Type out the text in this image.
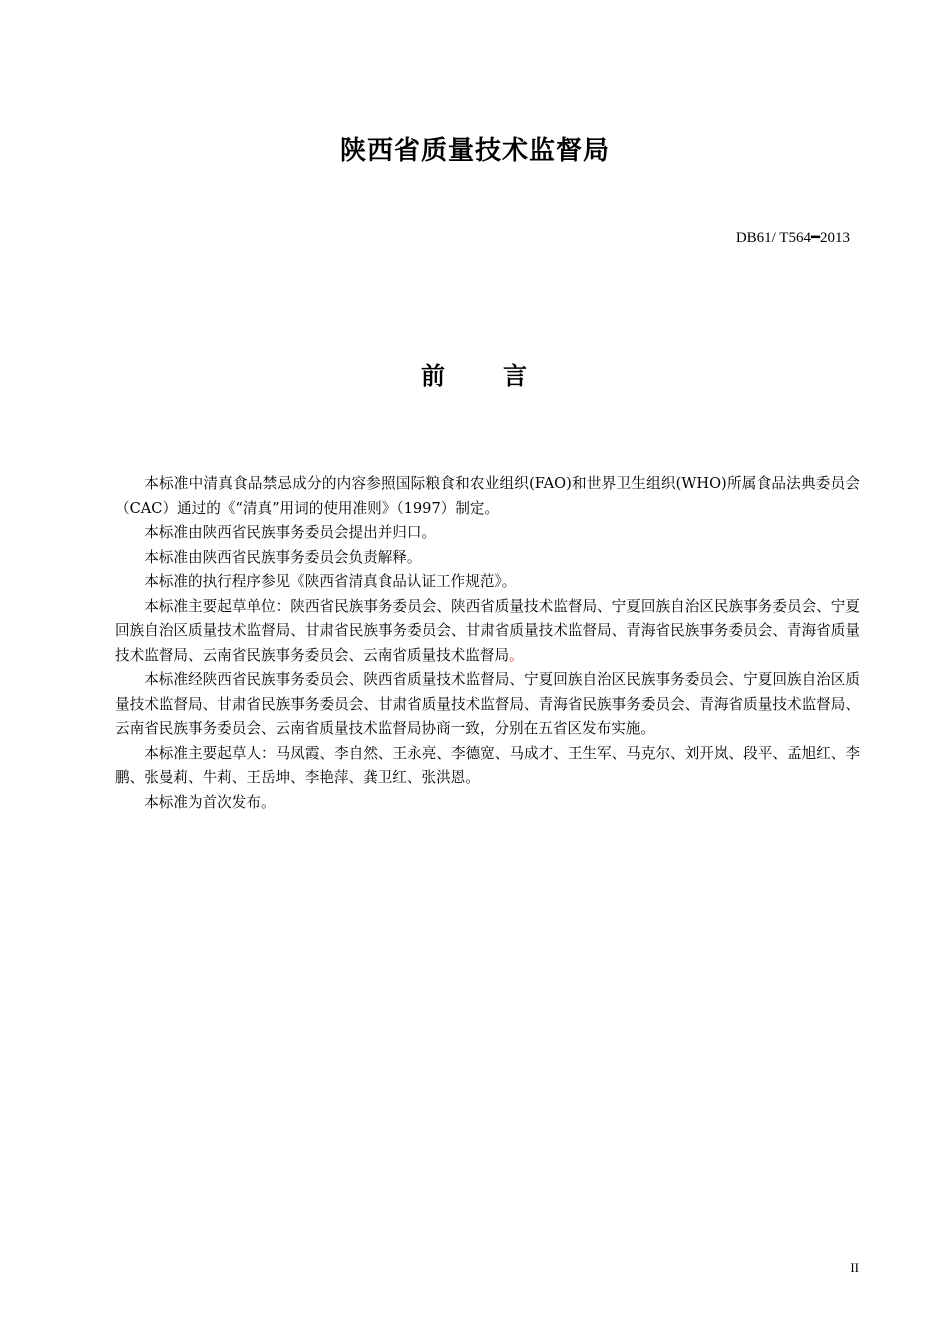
陕西省质量技术监督局
DB61/ T564━2013
前 言

本标准中清真食品禁忌成分的内容参照国际粮食和农业组织(FAO)和世界卫生组织(WHO)所属食品法典委员会（CAC）通过的《“清真”用词的使用准则》（1997）制定。

本标准由陕西省民族事务委员会提出并归口。

本标准由陕西省民族事务委员会负责解释。

本标准的执行程序参见《陕西省清真食品认证工作规范》。

本标准主要起草单位：陕西省民族事务委员会、陕西省质量技术监督局、宁夏回族自治区民族事务委员会、宁夏回族自治区质量技术监督局、甘肃省民族事务委员会、甘肃省质量技术监督局、青海省民族事务委员会、青海省质量技术监督局、云南省民族事务委员会、云南省质量技术监督局。

本标准经陕西省民族事务委员会、陕西省质量技术监督局、宁夏回族自治区民族事务委员会、宁夏回族自治区质量技术监督局、甘肃省民族事务委员会、甘肃省质量技术监督局、青海省民族事务委员会、青海省质量技术监督局、云南省民族事务委员会、云南省质量技术监督局协商一致，分别在五省区发布实施。

本标准主要起草人：马凤霞、李自然、王永亮、李德宽、马成才、王生军、马克尔、刘开岚、段平、孟旭红、李鹏、张曼莉、牛莉、王岳坤、李艳萍、龚卫红、张洪恩。

本标准为首次发布。

II
